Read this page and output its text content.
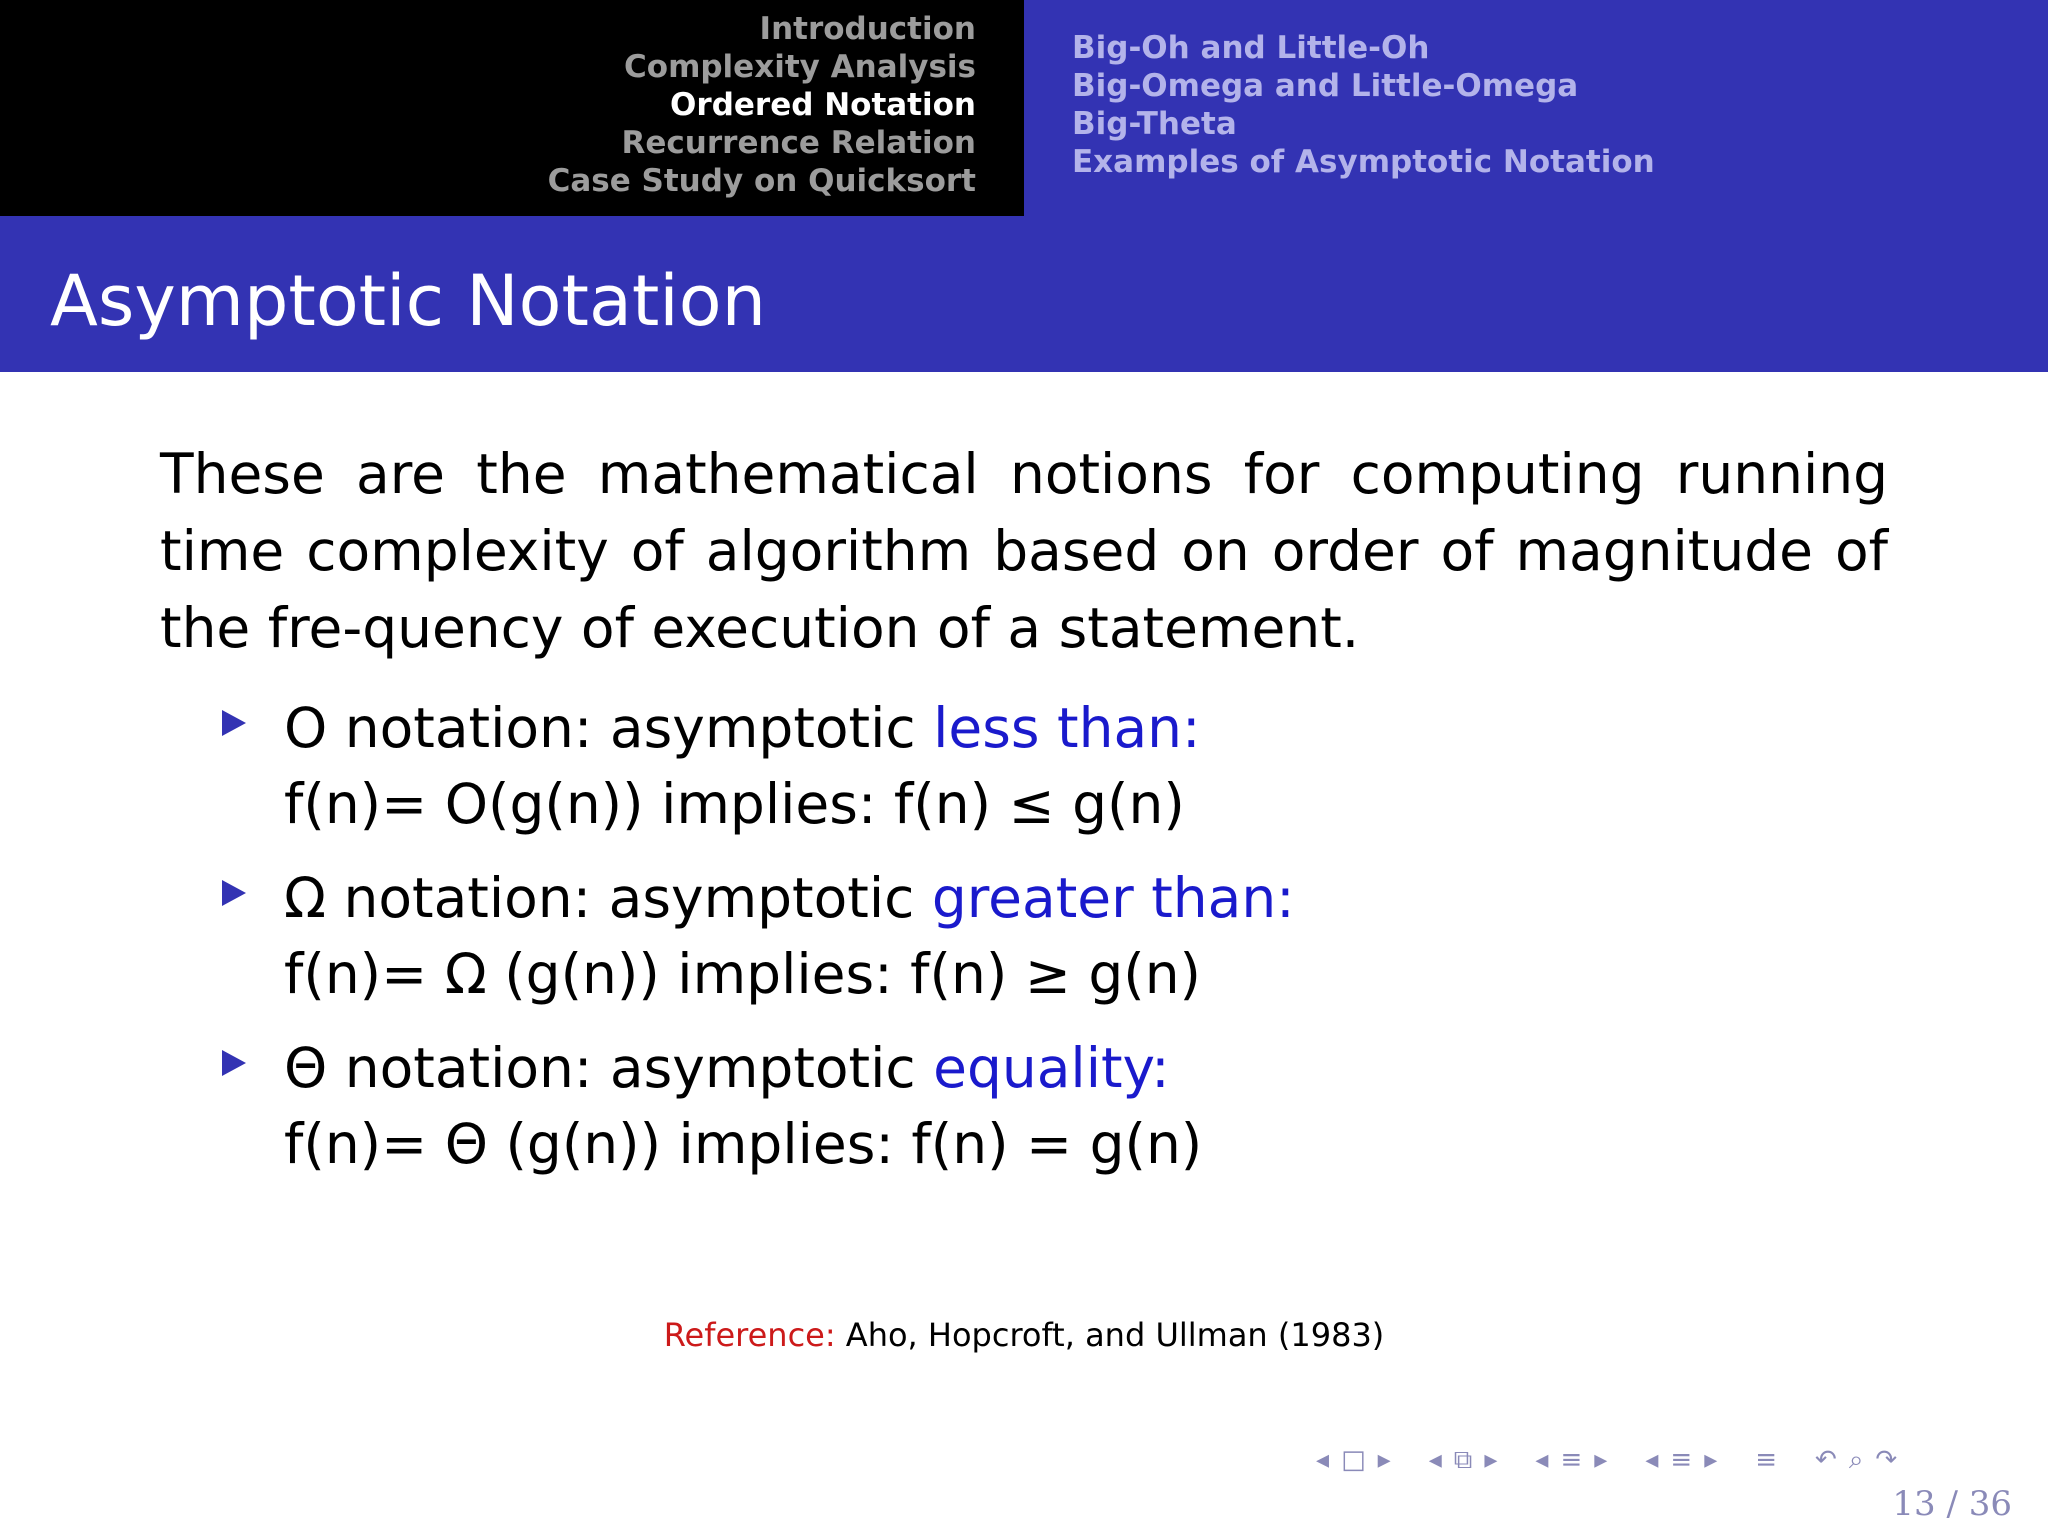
Introduction
Complexity Analysis
Ordered Notation
Recurrence Relation
Case Study on Quicksort
Big-Oh and Little-Oh
Big-Omega and Little-Omega
Big-Theta
Examples of Asymptotic Notation
Asymptotic Notation

These are the mathematical notions for computing running time complexity of algorithm based on order of magnitude of the fre-quency of execution of a statement.

O notation: asymptotic less than:
f(n)= O(g(n)) implies: f(n) ≤ g(n)
Ω notation: asymptotic greater than:
f(n)= Ω (g(n)) implies: f(n) ≥ g(n)
Θ notation: asymptotic equality:
f(n)= Θ (g(n)) implies: f(n) = g(n)
Reference: Aho, Hopcroft, and Ullman (1983)
◂ □ ▸ ◂ ⧉ ▸ ◂ ≡ ▸ ◂ ≡ ▸ ≡ ↶ ⌕ ↷
13 / 36
